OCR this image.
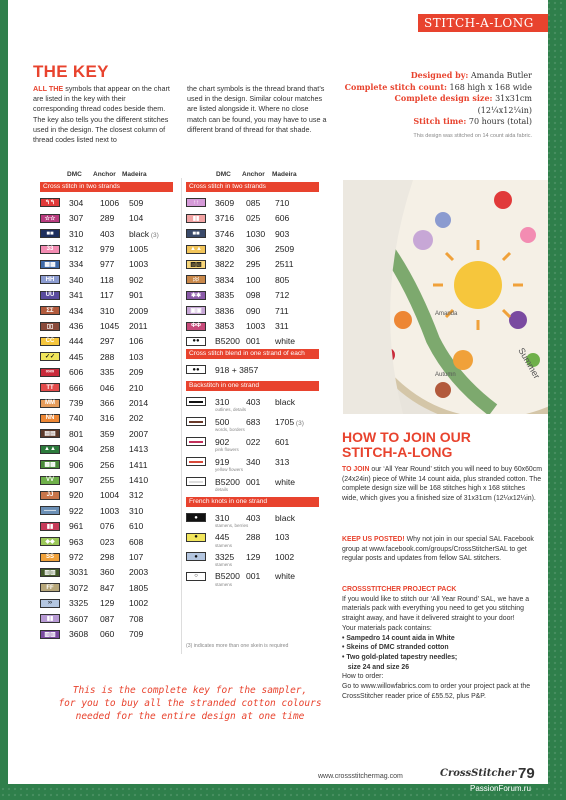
STITCH-A-LONG
THE KEY
ALL THE symbols that appear on the chart are listed in the key with their corresponding thread codes beside them. The key also tells you the different stitches used in the design. The closest column of thread codes listed next to
the chart symbols is the thread brand that’s used in the design. Similar colour matches are listed alongside it. Where no close match can be found, you may have to use a different brand of thread for that shade.
Designed by: Amanda Butler
Complete stitch count: 168 high x 168 wide
Complete design size: 31x31cm (12¼x12¼in)
Stitch time: 70 hours (total)
This design was stitched on 14 count aida fabric.
DMC Anchor Madeira
Cross stitch in two strands
↰↰	304	1006	509
☆☆	307	289	104
■■	310	403	black (3)
33	312	979	1005
▦▦	334	977	1003
HH	340	118	902
UU	341	117	901
ΣΣ	434	310	2009
▯▯	436	1045	2011
CC	444	297	106
✓✓	445	288	103
∞∞	606	335	209
TT	666	046	210
MM	739	366	2014
NN	740	316	202
▤▤	801	359	2007
▲▲	904	258	1413
▩▩	906	256	1411
VV	907	255	1410
JJ	920	1004	312
――	922	1003	310
▮▮	961	076	610
◆◆	963	023	608
SS	972	298	107
▥▥	3031	360	2003
FF	3072	847	1805
››	3325	129	1002
▮▮	3607	087	708
▥▥	3608	060	709
DMC Anchor Madeira
Cross stitch in two strands
↑↑	3609	085	710
▮▮	3716	025	606
■■	3746	1030	903
▲▲	3820	306	2509
▧▧	3822	295	2511
♯♯	3834	100	805
✱✱	3835	098	712
▣▣	3836	090	711
ΦΦ	3853	1003	311
●●	B5200 001	white
Cross stitch blend in one strand of each
●●	918 + 3857
Backstitch in one strand
310	403	black
outlines, details
500	683	1705 (3)
words, borders
902	022	601
pink flowers
919	340	313
yellow flowers
B5200 001	white
details
French knots in one strand
●	310	403	black
stamens, berries
●	445	288	103
stamens
●	3325	129	1002
stamens
○	B5200 001	white
stamens
(3) indicates more than one skein is required
Summer
Autumn
Amanda
HOW TO JOIN OUR
STITCH-A-LONG
TO JOIN our ‘All Year Round’ stitch you will need to buy 60x60cm (24x24in) piece of White 14 count aida, plus stranded cotton. The complete design size will be 168 stitches high x 168 stitches wide, which gives you a finished size of 31x31cm (12¼x12¼in).
KEEP US POSTED! Why not join in our special SAL Facebook group at www.facebook.com/groups/CrossStitcherSAL to get regular posts and updates from fellow SAL stitchers.
CROSSSTITCHER PROJECT PACK
If you would like to stitch our ‘All Year Round’ SAL, we have a materials pack with everything you need to get you stitching straight away, and have it delivered straight to your door!
Your materials pack contains:
• Sampedro 14 count aida in White
• Skeins of DMC stranded cotton
• Two gold-plated tapestry needles;
size 24 and size 26
How to order:
Go to www.willowfabrics.com to order your project pack at the CrossStitcher reader price of £55.52, plus P&P.
This is the complete key for the sampler,
for you to buy all the stranded cotton colours
needed for the entire design at one time
www.crossstitchermag.com	CrossStitcher 79
PassionForum.ru
